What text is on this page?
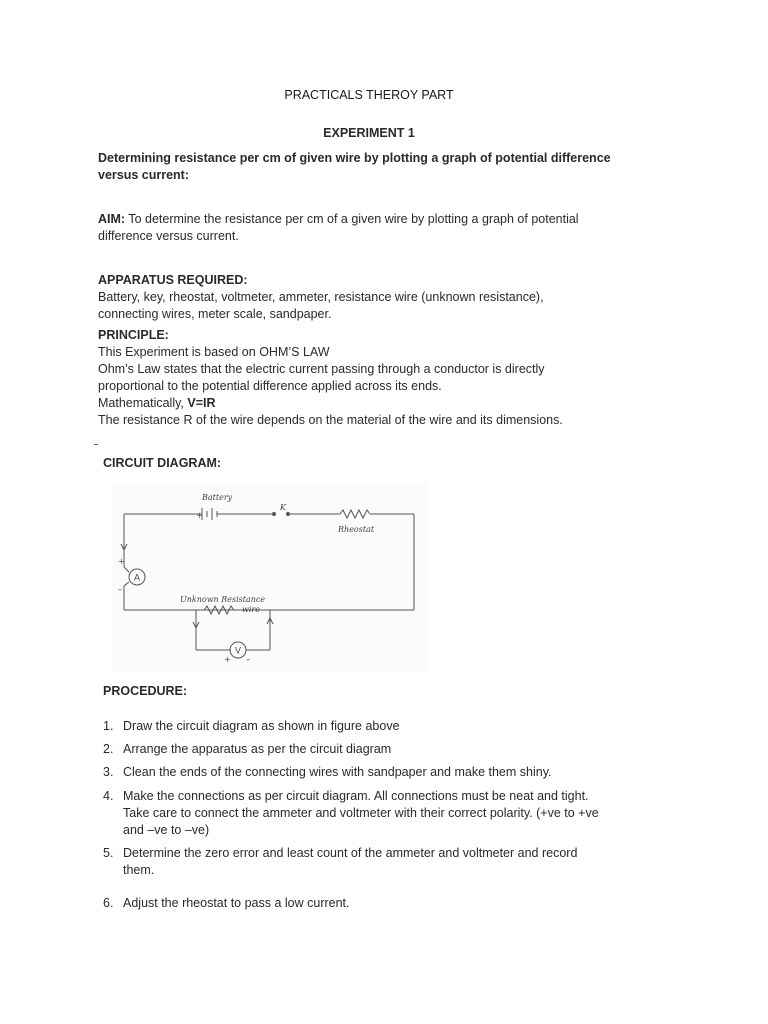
PRACTICALS THEROY PART
EXPERIMENT 1
Determining resistance per cm of given wire by plotting a graph of potential difference
versus current:
AIM: To determine the resistance per cm of a given wire by plotting a graph of potential
difference versus current.
APPARATUS REQUIRED:
Battery, key, rheostat, voltmeter, ammeter, resistance wire (unknown resistance),
connecting wires, meter scale, sandpaper.
PRINCIPLE:
This Experiment is based on OHM’S LAW
Ohm’s Law states that the electric current passing through a conductor is directly
proportional to the potential difference applied across its ends.
Mathematically, V=IR
The resistance R of the wire depends on the material of the wire and its dimensions.
CIRCUIT DIAGRAM:
Battery
+
K
Rheostat
+
–
A
V
Unknown Resistance
wire
+ –
PROCEDURE:
1. Draw the circuit diagram as shown in figure above
2. Arrange the apparatus as per the circuit diagram
3. Clean the ends of the connecting wires with sandpaper and make them shiny.
4. Make the connections as per circuit diagram. All connections must be neat and tight.
Take care to connect the ammeter and voltmeter with their correct polarity. (+ve to +ve
and –ve to –ve)
5. Determine the zero error and least count of the ammeter and voltmeter and record
them.
6. Adjust the rheostat to pass a low current.
